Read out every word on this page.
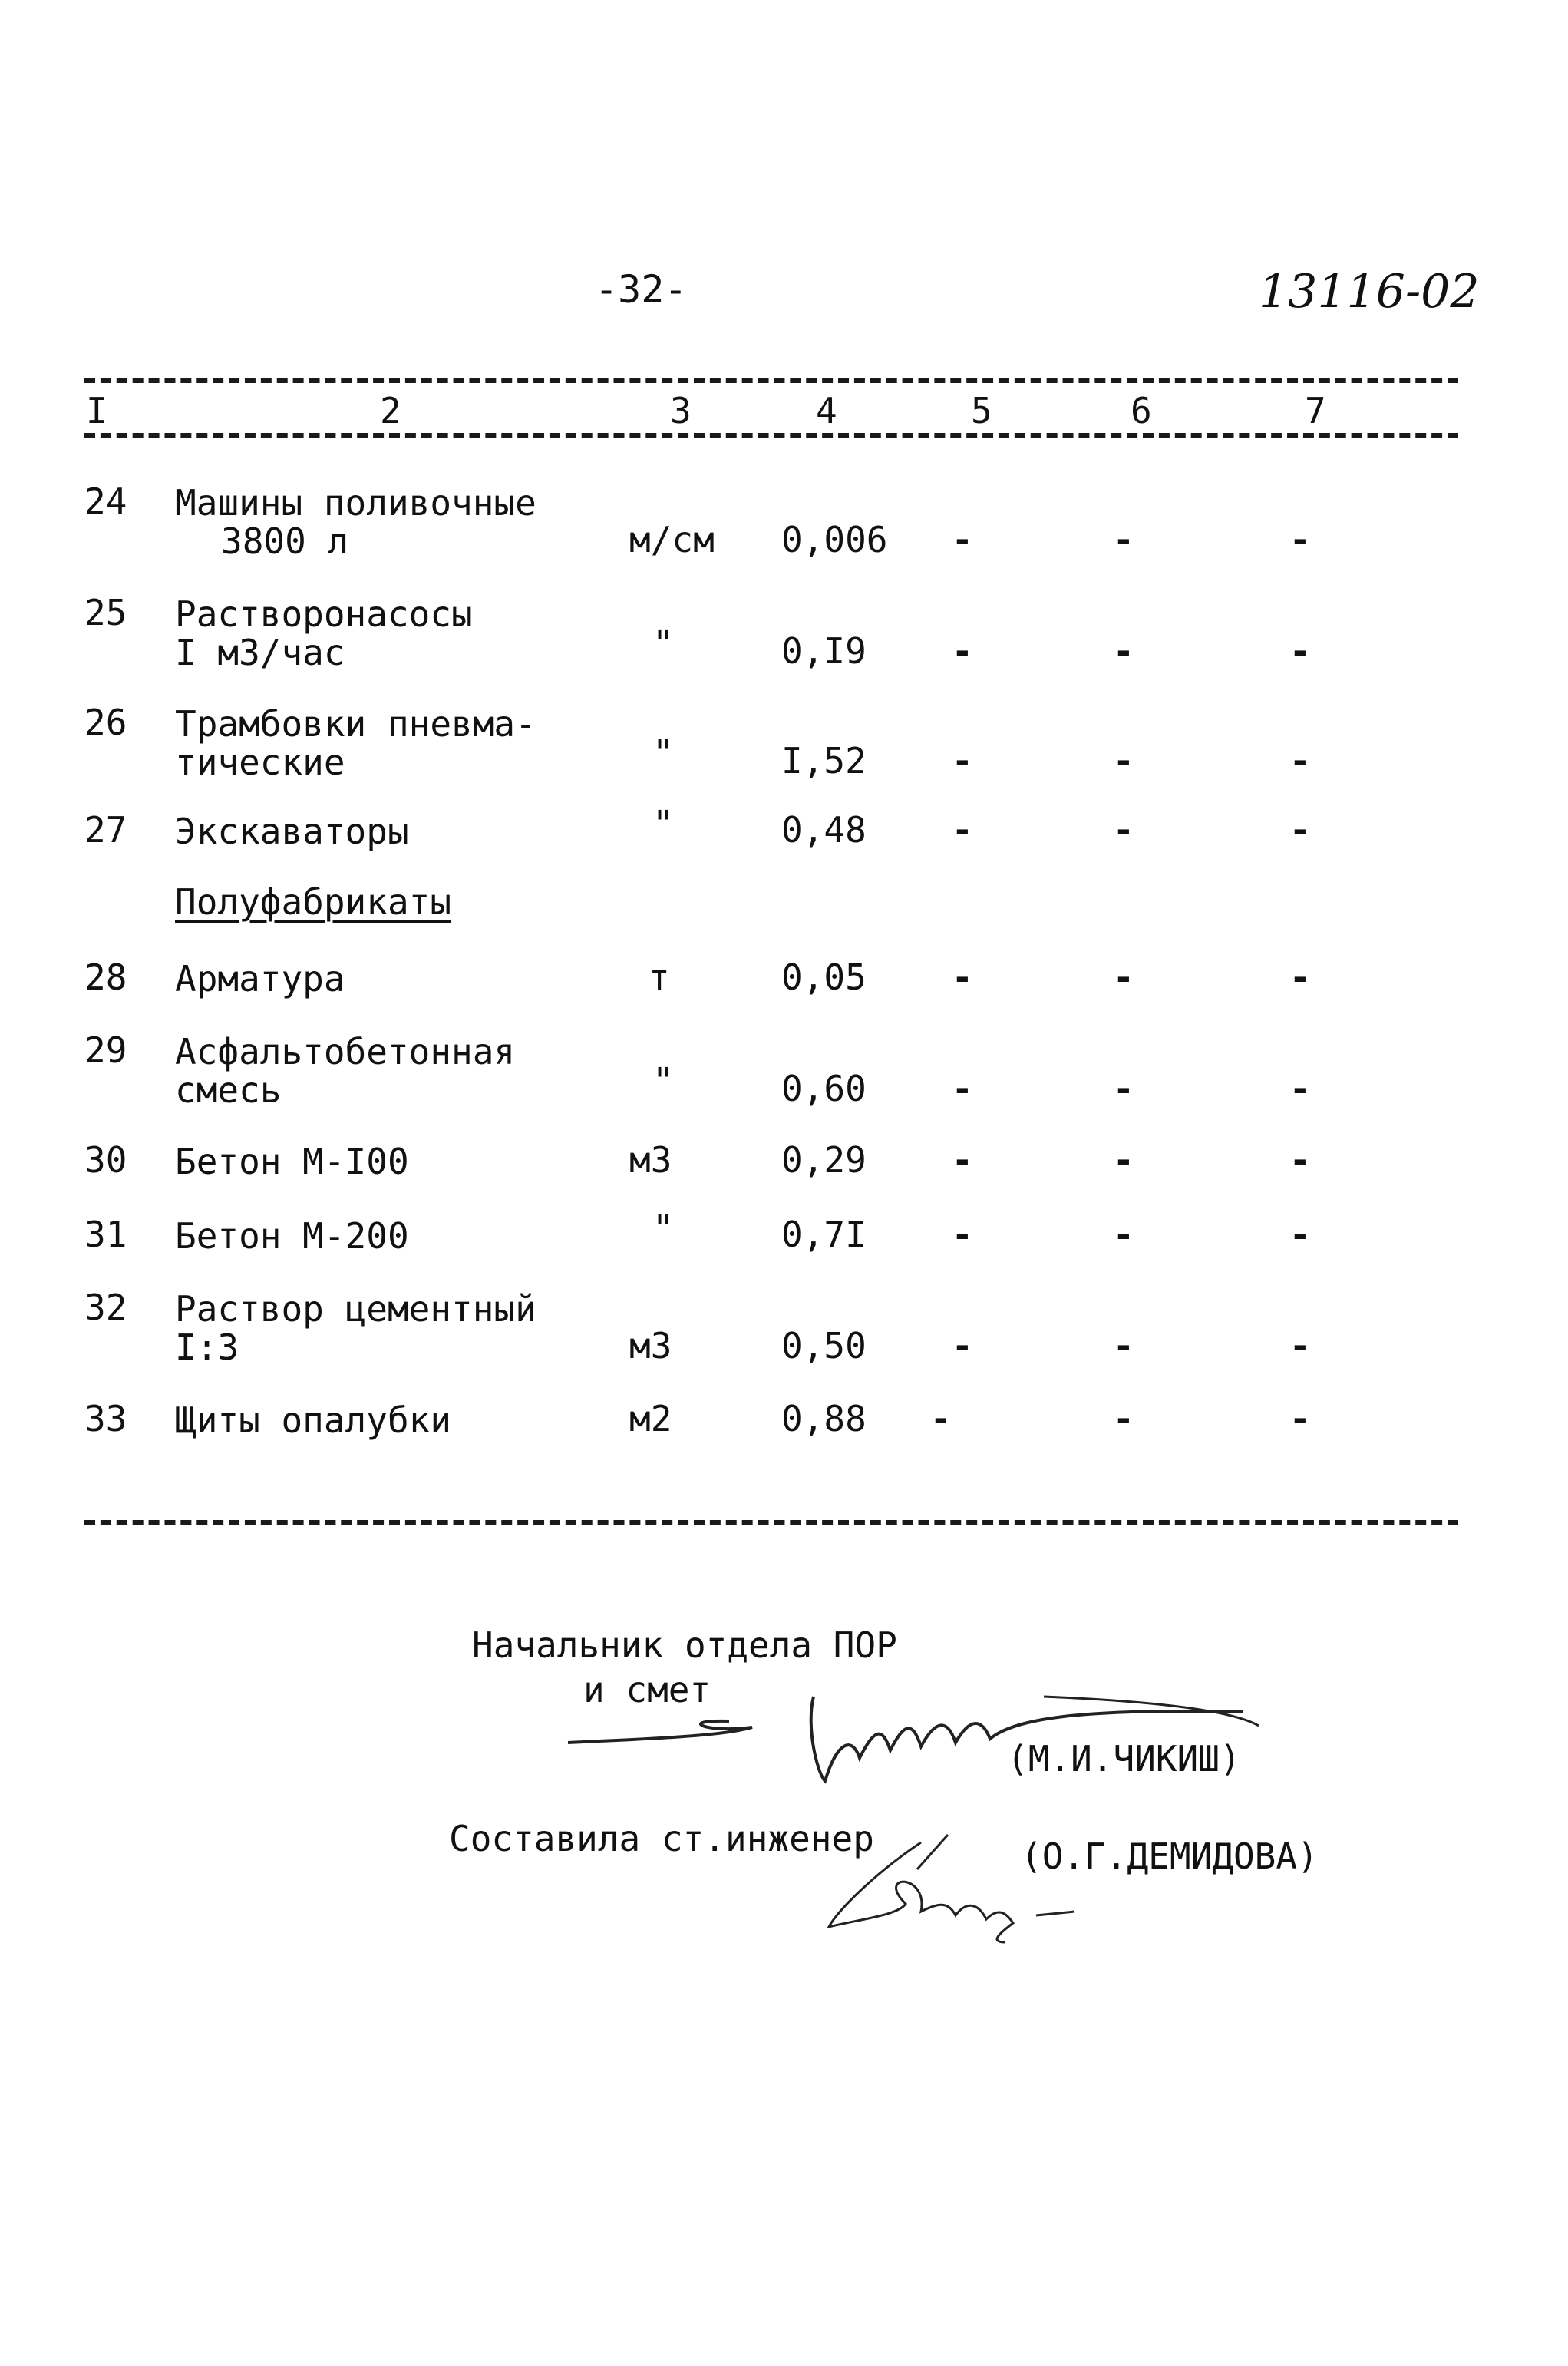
-32-	13116-02
I	2	3	4	5	6	7
24 Машины поливочные
3800 л	м/см 0,006 -	-	-
25 Растворонасосы
I м3/час	"	0,I9 -	-	-
26 Трамбовки пневма-
тические	"	I,52 -	-	-
27 Экскаваторы	"	0,48 -	-	-
Полуфабрикаты
28 Арматура	т	0,05 -	-	-
29 Асфальтобетонная
смесь	"	0,60 -	-	-
30 Бетон М-I00	м3	0,29 -	-	-
31 Бетон М-200	"	0,7I -	-	-
32 Раствор цементный
I:3	м3	0,50 -	-	-
33 Щиты опалубки	м2	0,88 -	-	-
Начальник отдела ПОР
и смет
(М.И.ЧИКИШ)
Составила ст.инженер	(О.Г.ДЕМИДОВА)
